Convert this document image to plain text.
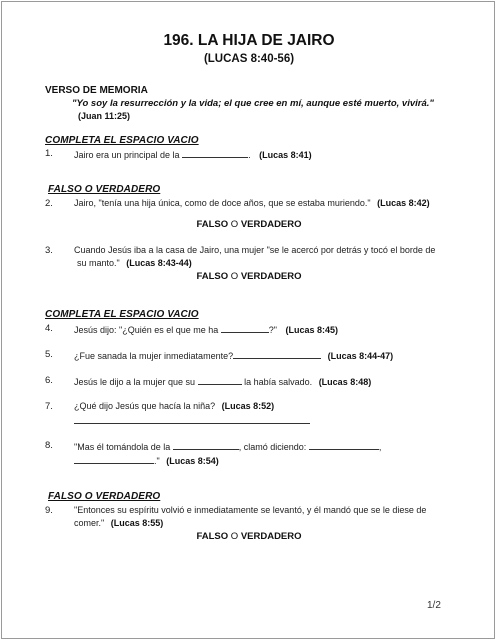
196. LA HIJA DE JAIRO
(LUCAS 8:40-56)
VERSO DE MEMORIA
"Yo soy la resurrección y la vida; el que cree en mí, aunque esté muerto, vivirá."
(Juan 11:25)
COMPLETA EL ESPACIO VACIO
1. Jairo era un principal de la	. (Lucas 8:41)
FALSO O VERDADERO
2. Jairo, "tenía una hija única, como de doce años, que se estaba muriendo." (Lucas 8:42)
FALSO O VERDADERO
3. Cuando Jesús iba a la casa de Jairo, una mujer "se le acercó por detrás y tocó el borde de
su manto." (Lucas 8:43-44)
FALSO O VERDADERO
COMPLETA EL ESPACIO VACIO
4. Jesús dijo: "¿Quién es el que me ha	?" (Lucas 8:45)
5. ¿Fue sanada la mujer inmediatamente?	(Lucas 8:44-47)
6. Jesús le dijo a la mujer que su	la había salvado. (Lucas 8:48)
7. ¿Qué dijo Jesús que hacía la niña? (Lucas 8:52)
8. "Mas él tomándola de la	, clamó diciendo:	,
." (Lucas 8:54)
FALSO O VERDADERO
9. "Entonces su espíritu volvió e inmediatamente se levantó, y él mandó que se le diese de
comer." (Lucas 8:55)
FALSO O VERDADERO
1/2
